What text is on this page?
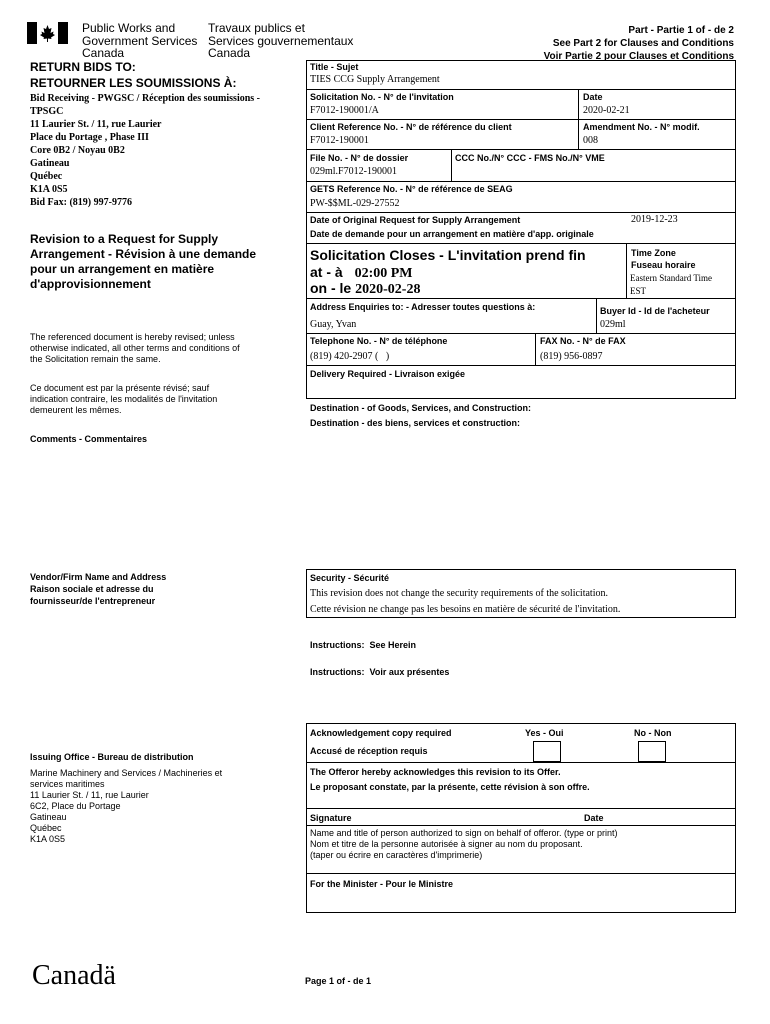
Public Works and
Government Services
Canada
Travaux publics et
Services gouvernementaux
Canada
Part - Partie 1 of - de 2
See Part 2 for Clauses and Conditions
Voir Partie 2 pour Clauses et Conditions
RETURN BIDS TO:
RETOURNER LES SOUMISSIONS À:
Bid Receiving - PWGSC / Réception des soumissions -
TPSGC
11 Laurier St. / 11, rue Laurier
Place du Portage , Phase III
Core 0B2 / Noyau 0B2
Gatineau
Québec
K1A 0S5
Bid Fax: (819) 997-9776
Revision to a Request for Supply
Arrangement - Révision à une demande
pour un arrangement en matière
d'approvisionnement
The referenced document is hereby revised; unless
otherwise indicated, all other terms and conditions of
the Solicitation remain the same.
Ce document est par la présente révisé; sauf
indication contraire, les modalités de l'invitation
demeurent les mêmes.
Comments - Commentaires
Vendor/Firm Name and Address
Raison sociale et adresse du
fournisseur/de l'entrepreneur
Issuing Office - Bureau de distribution
Marine Machinery and Services / Machineries et
services maritimes
11 Laurier St. / 11, rue Laurier
6C2, Place du Portage
Gatineau
Québec
K1A 0S5
Title - Sujet
TIES CCG Supply Arrangement
Solicitation No. - N° de l'invitation
F7012-190001/A
Date
2020-02-21
Client Reference No. - N° de référence du client
F7012-190001
Amendment No. - N° modif.
008
File No. - N° de dossier
029ml.F7012-190001
CCC No./N° CCC - FMS No./N° VME
GETS Reference No. - N° de référence de SEAG
PW-$$ML-029-27552
Date of Original Request for Supply Arrangement	2019-12-23
Date de demande pour un arrangement en matière d'app. originale
Solicitation Closes - L'invitation prend fin
at - à 02:00 PM
on - le 2020-02-28
Time Zone
Fuseau horaire
Eastern Standard Time
EST
Address Enquiries to: - Adresser toutes questions à:
Guay, Yvan
Buyer Id - Id de l'acheteur
029ml
Telephone No. - N° de téléphone
(819) 420-2907 (   )
FAX No. - N° de FAX
(819) 956-0897
Delivery Required - Livraison exigée
Destination - of Goods, Services, and Construction:
Destination - des biens, services et construction:
Security - Sécurité
This revision does not change the security requirements of the solicitation.
Cette révision ne change pas les besoins en matière de sécurité de l'invitation.
Instructions:  See Herein
Instructions:  Voir aux présentes
Acknowledgement copy required
Accusé de réception requis
Yes - Oui	No - Non
The Offeror hereby acknowledges this revision to its Offer.
Le proposant constate, par la présente, cette révision à son offre.
Signature	Date
Name and title of person authorized to sign on behalf of offeror. (type or print)
Nom et titre de la personne autorisée à signer au nom du proposant.
(taper ou écrire en caractères d'imprimerie)
For the Minister - Pour le Ministre
Canadä	Page 1 of - de 1
